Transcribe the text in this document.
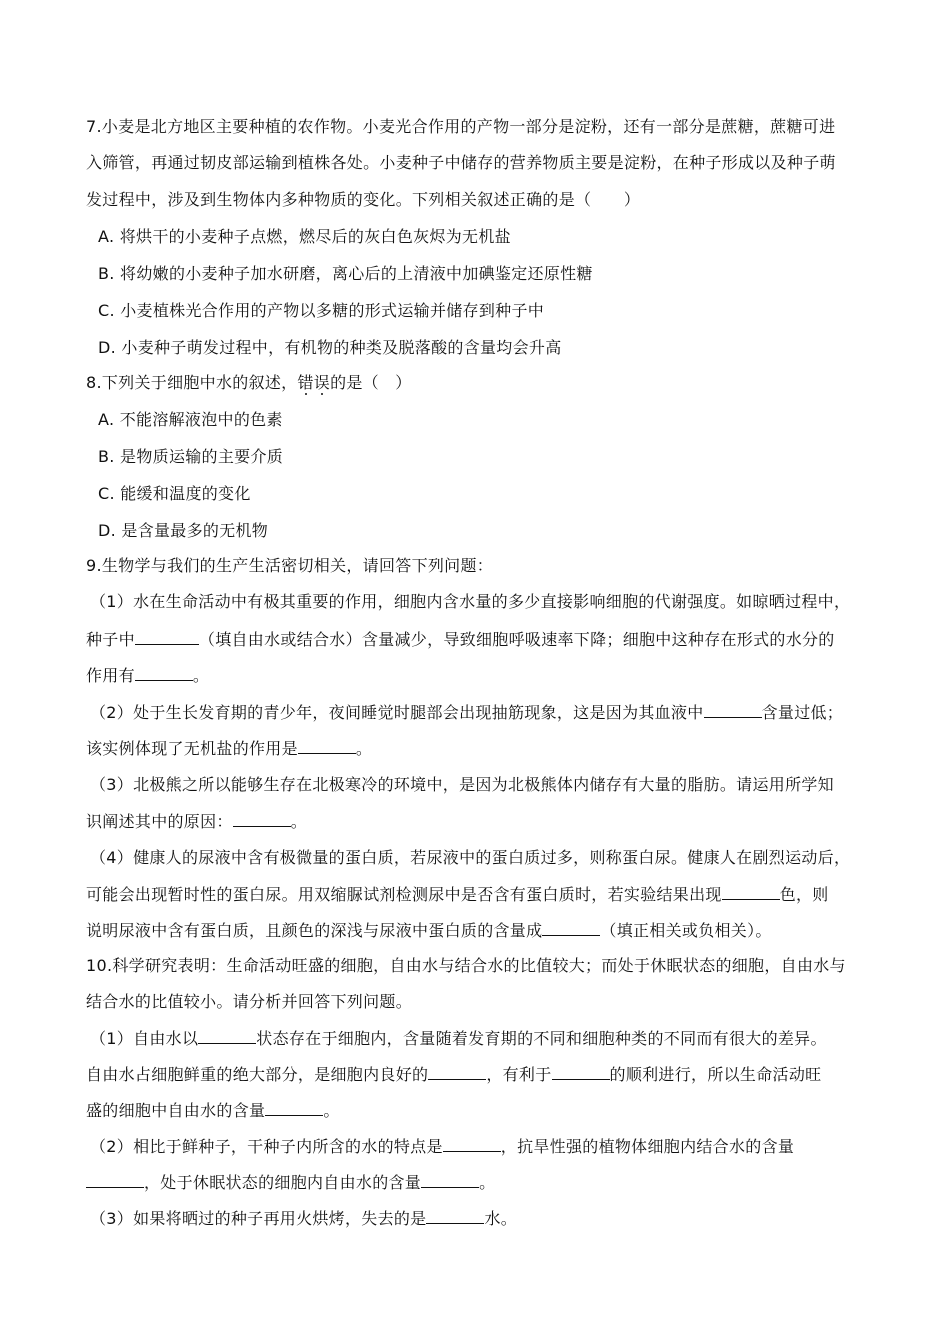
7.小麦是北方地区主要种植的农作物。小麦光合作用的产物一部分是淀粉，还有一部分是蔗糖，蔗糖可进
入筛管，再通过韧皮部运输到植株各处。小麦种子中储存的营养物质主要是淀粉，在种子形成以及种子萌
发过程中，涉及到生物体内多种物质的变化。下列相关叙述正确的是（　　）
A. 将烘干的小麦种子点燃，燃尽后的灰白色灰烬为无机盐
B. 将幼嫩的小麦种子加水研磨，离心后的上清液中加碘鉴定还原性糖
C. 小麦植株光合作用的产物以多糖的形式运输并储存到种子中
D. 小麦种子萌发过程中，有机物的种类及脱落酸的含量均会升高
8.下列关于细胞中水的叙述，错误
的是（　）
A. 不能溶解液泡中的色素
B. 是物质运输的主要介质
C. 能缓和温度的变化
D. 是含量最多的无机物
9.生物学与我们的生产生活密切相关，请回答下列问题：
（1）水在生命活动中有极其重要的作用，细胞内含水量的多少直接影响细胞的代谢强度。如晾晒过程中，
种子中	（填自由水或结合水）含量减少，导致细胞呼吸速率下降；细胞中这种存在形式的水分的
作用有	。
（2）处于生长发育期的青少年，夜间睡觉时腿部会出现抽筋现象，这是因为其血液中	含量过低；
该实例体现了无机盐的作用是	。
（3）北极熊之所以能够生存在北极寒冷的环境中，是因为北极熊体内储存有大量的脂肪。请运用所学知
识阐述其中的原因：	。
（4）健康人的尿液中含有极微量的蛋白质，若尿液中的蛋白质过多，则称蛋白尿。健康人在剧烈运动后，
可能会出现暂时性的蛋白尿。用双缩脲试剂检测尿中是否含有蛋白质时，若实验结果出现	色，则
说明尿液中含有蛋白质，且颜色的深浅与尿液中蛋白质的含量成	（填正相关或负相关）。
10.科学研究表明：生命活动旺盛的细胞，自由水与结合水的比值较大；而处于休眠状态的细胞，自由水与
结合水的比值较小。请分析并回答下列问题。
（1）自由水以	状态存在于细胞内，含量随着发育期的不同和细胞种类的不同而有很大的差异。
自由水占细胞鲜重的绝大部分，是细胞内良好的	，有利于	的顺利进行，所以生命活动旺
盛的细胞中自由水的含量	。
（2）相比于鲜种子，干种子内所含的水的特点是	，抗旱性强的植物体细胞内结合水的含量
，处于休眠状态的细胞内自由水的含量	。
（3）如果将晒过的种子再用火烘烤，失去的是	水。
